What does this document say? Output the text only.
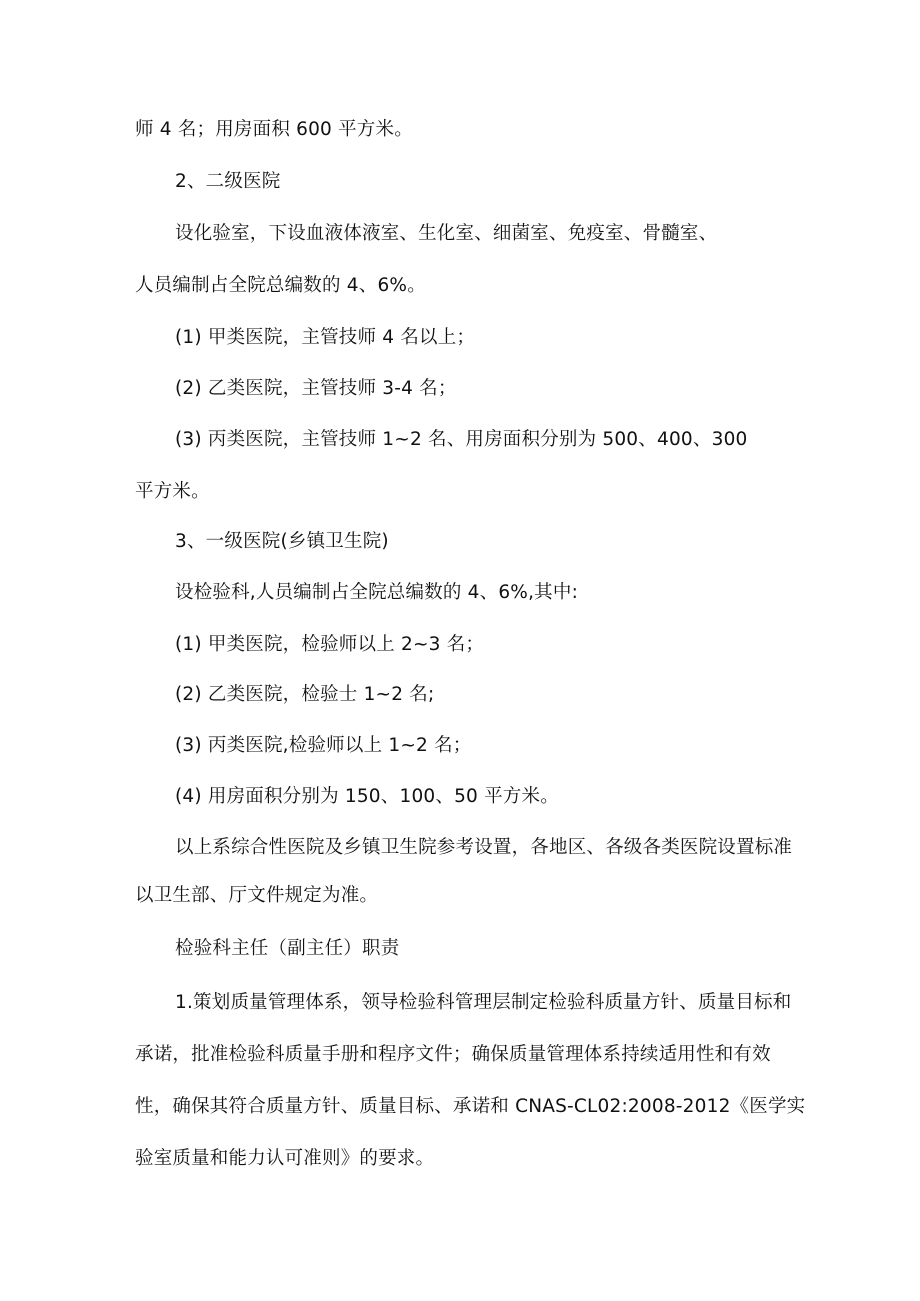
师 4 名；用房面积 600 平方米。
2、二级医院
设化验室，下设血液体液室、生化室、细菌室、免疫室、骨髓室、
人员编制占全院总编数的 4、6%。
(1) 甲类医院，主管技师 4 名以上；
(2) 乙类医院，主管技师 3-4 名；
(3) 丙类医院，主管技师 1~2 名、用房面积分别为 500、400、300
平方米。
3、一级医院(乡镇卫生院)
设检验科,人员编制占全院总编数的 4、6%,其中:
(1) 甲类医院，检验师以上 2~3 名；
(2) 乙类医院，检验士 1~2 名;
(3) 丙类医院,检验师以上 1~2 名；
(4) 用房面积分别为 150、100、50 平方米。
以上系综合性医院及乡镇卫生院参考设置，各地区、各级各类医院设置标准
以卫生部、厅文件规定为准。
检验科主任（副主任）职责
1.策划质量管理体系，领导检验科管理层制定检验科质量方针、质量目标和
承诺，批准检验科质量手册和程序文件；确保质量管理体系持续适用性和有效
性，确保其符合质量方针、质量目标、承诺和 CNAS-CL02:2008-2012《医学实
验室质量和能力认可准则》的要求。
